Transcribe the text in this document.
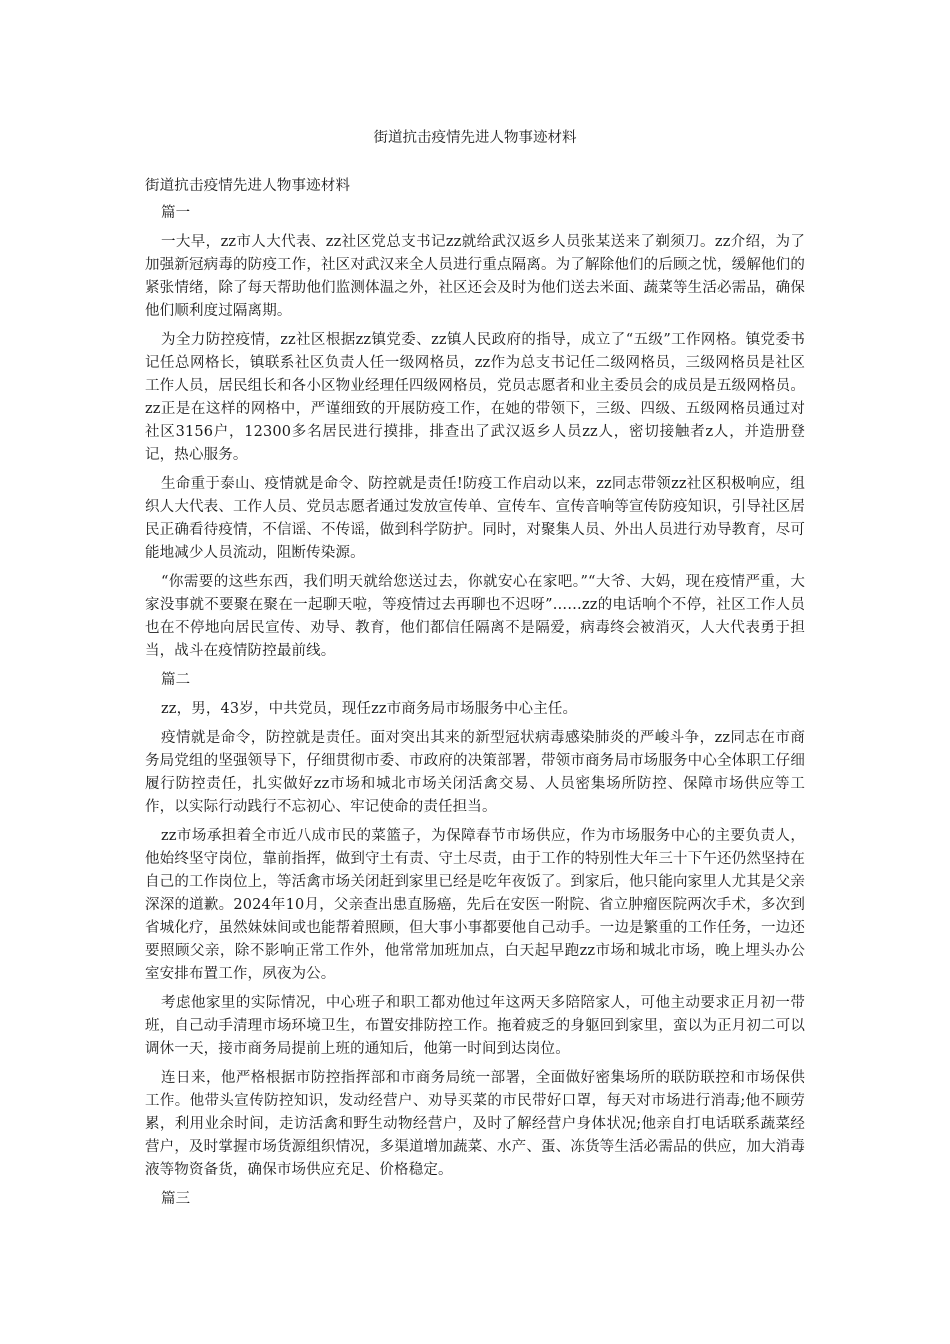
街道抗击疫情先进人物事迹材料

街道抗击疫情先进人物事迹材料

篇一

一大早，zz市人大代表、zz社区党总支书记zz就给武汉返乡人员张某送来了剃须刀。zz介绍，为了加强新冠病毒的防疫工作，社区对武汉来全人员进行重点隔离。为了解除他们的后顾之忧，缓解他们的紧张情绪，除了每天帮助他们监测体温之外，社区还会及时为他们送去米面、蔬菜等生活必需品，确保他们顺利度过隔离期。

为全力防控疫情，zz社区根据zz镇党委、zz镇人民政府的指导，成立了“五级”工作网格。镇党委书记任总网格长，镇联系社区负责人任一级网格员，zz作为总支书记任二级网格员，三级网格员是社区工作人员，居民组长和各小区物业经理任四级网格员，党员志愿者和业主委员会的成员是五级网格员。zz正是在这样的网格中，严谨细致的开展防疫工作，在她的带领下，三级、四级、五级网格员通过对社区3156户，12300多名居民进行摸排，排查出了武汉返乡人员zz人，密切接触者z人，并造册登记，热心服务。

生命重于泰山、疫情就是命令、防控就是责任!防疫工作启动以来，zz同志带领zz社区积极响应，组织人大代表、工作人员、党员志愿者通过发放宣传单、宣传车、宣传音响等宣传防疫知识，引导社区居民正确看待疫情，不信谣、不传谣，做到科学防护。同时，对聚集人员、外出人员进行劝导教育，尽可能地减少人员流动，阻断传染源。

“你需要的这些东西，我们明天就给您送过去，你就安心在家吧。”“大爷、大妈，现在疫情严重，大家没事就不要聚在聚在一起聊天啦，等疫情过去再聊也不迟呀”……zz的电话响个不停，社区工作人员也在不停地向居民宣传、劝导、教育，他们都信任隔离不是隔爱，病毒终会被消灭，人大代表勇于担当，战斗在疫情防控最前线。

篇二

zz，男，43岁，中共党员，现任zz市商务局市场服务中心主任。

疫情就是命令，防控就是责任。面对突出其来的新型冠状病毒感染肺炎的严峻斗争，zz同志在市商务局党组的坚强领导下，仔细贯彻市委、市政府的决策部署，带领市商务局市场服务中心全体职工仔细履行防控责任，扎实做好zz市场和城北市场关闭活禽交易、人员密集场所防控、保障市场供应等工作，以实际行动践行不忘初心、牢记使命的责任担当。

zz市场承担着全市近八成市民的菜篮子，为保障春节市场供应，作为市场服务中心的主要负责人，他始终坚守岗位，靠前指挥，做到守土有责、守土尽责，由于工作的特别性大年三十下午还仍然坚持在自己的工作岗位上，等活禽市场关闭赶到家里已经是吃年夜饭了。到家后，他只能向家里人尤其是父亲深深的道歉。2024年10月，父亲查出患直肠癌，先后在安医一附院、省立肿瘤医院两次手术，多次到省城化疗，虽然妹妹间或也能帮着照顾，但大事小事都要他自己动手。一边是繁重的工作任务，一边还要照顾父亲，除不影响正常工作外，他常常加班加点，白天起早跑zz市场和城北市场，晚上埋头办公室安排布置工作，夙夜为公。

考虑他家里的实际情况，中心班子和职工都劝他过年这两天多陪陪家人，可他主动要求正月初一带班，自己动手清理市场环境卫生，布置安排防控工作。拖着疲乏的身躯回到家里，蛮以为正月初二可以调休一天，接市商务局提前上班的通知后，他第一时间到达岗位。

连日来，他严格根据市防控指挥部和市商务局统一部署，全面做好密集场所的联防联控和市场保供工作。他带头宣传防控知识，发动经营户、劝导买菜的市民带好口罩，每天对市场进行消毒;他不顾劳累，利用业余时间，走访活禽和野生动物经营户，及时了解经营户身体状况;他亲自打电话联系蔬菜经营户，及时掌握市场货源组织情况，多渠道增加蔬菜、水产、蛋、冻货等生活必需品的供应，加大消毒液等物资备货，确保市场供应充足、价格稳定。

篇三
